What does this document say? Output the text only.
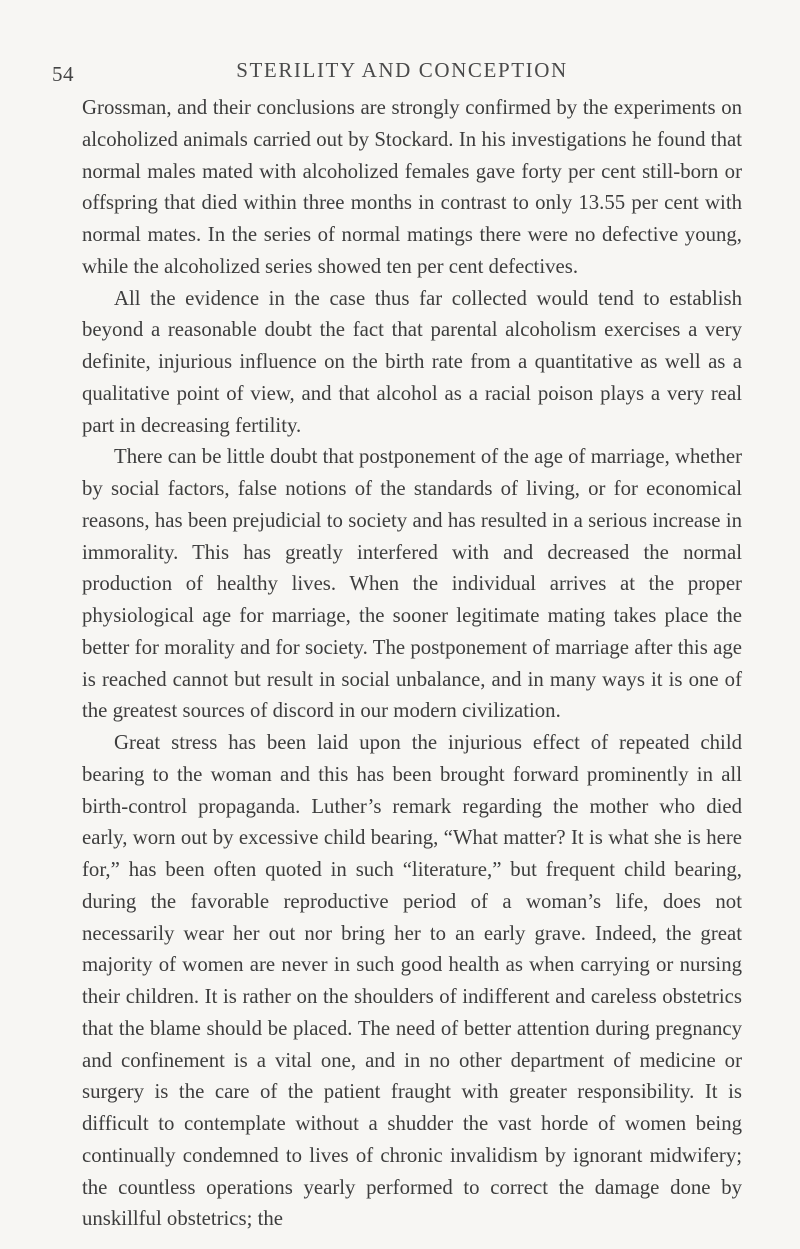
54	STERILITY AND CONCEPTION

Grossman, and their conclusions are strongly confirmed by the experiments on alcoholized animals carried out by Stockard. In his investigations he found that normal males mated with alcoholized females gave forty per cent still-born or offspring that died within three months in contrast to only 13.55 per cent with normal mates. In the series of normal matings there were no defective young, while the alcoholized series showed ten per cent defectives.

All the evidence in the case thus far collected would tend to establish beyond a reasonable doubt the fact that parental alcoholism exercises a very definite, injurious influence on the birth rate from a quantitative as well as a qualitative point of view, and that alcohol as a racial poison plays a very real part in decreasing fertility.

There can be little doubt that postponement of the age of marriage, whether by social factors, false notions of the standards of living, or for economical reasons, has been prejudicial to society and has resulted in a serious increase in immorality. This has greatly interfered with and decreased the normal production of healthy lives. When the individual arrives at the proper physiological age for marriage, the sooner legitimate mating takes place the better for morality and for society. The postponement of marriage after this age is reached cannot but result in social unbalance, and in many ways it is one of the greatest sources of discord in our modern civilization.

Great stress has been laid upon the injurious effect of repeated child bearing to the woman and this has been brought forward prominently in all birth-control propaganda. Luther’s remark regarding the mother who died early, worn out by excessive child bearing, “What matter? It is what she is here for,” has been often quoted in such “literature,” but frequent child bearing, during the favorable reproductive period of a woman’s life, does not necessarily wear her out nor bring her to an early grave. Indeed, the great majority of women are never in such good health as when carrying or nursing their children. It is rather on the shoulders of indifferent and careless obstetrics that the blame should be placed. The need of better attention during pregnancy and confinement is a vital one, and in no other department of medicine or surgery is the care of the patient fraught with greater responsibility. It is difficult to contemplate without a shudder the vast horde of women being continually condemned to lives of chronic invalidism by ignorant midwifery; the countless operations yearly performed to correct the damage done by unskillful obstetrics; the
